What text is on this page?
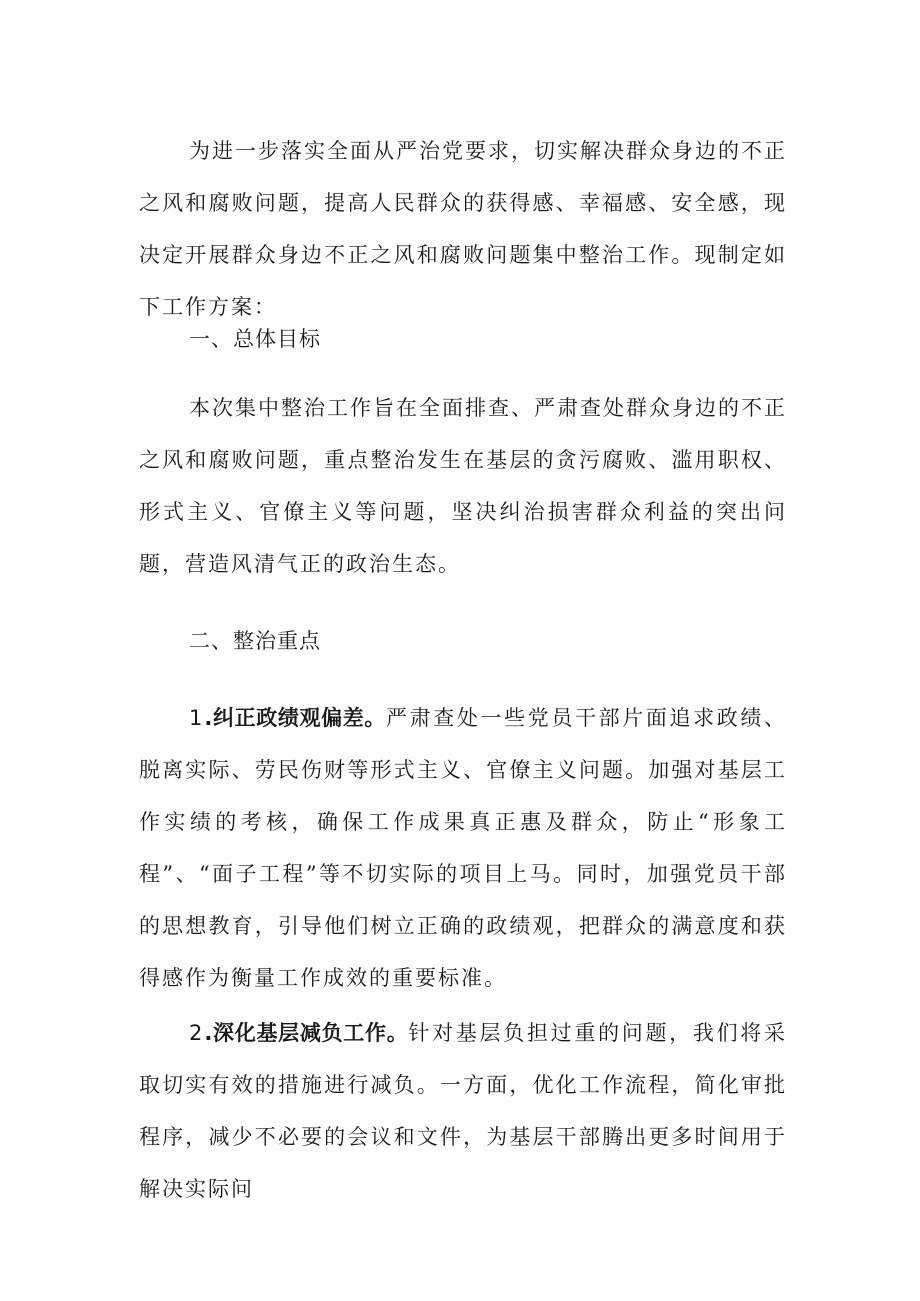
为进一步落实全面从严治党要求，切实解决群众身边的不正之风和腐败问题，提高人民群众的获得感、幸福感、安全感，现决定开展群众身边不正之风和腐败问题集中整治工作。现制定如下工作方案：

一、总体目标

本次集中整治工作旨在全面排查、严肃查处群众身边的不正之风和腐败问题，重点整治发生在基层的贪污腐败、滥用职权、形式主义、官僚主义等问题，坚决纠治损害群众利益的突出问题，营造风清气正的政治生态。

二、整治重点

1.纠正政绩观偏差。严肃查处一些党员干部片面追求政绩、脱离实际、劳民伤财等形式主义、官僚主义问题。加强对基层工作实绩的考核，确保工作成果真正惠及群众，防止“形象工程”、“面子工程”等不切实际的项目上马。同时，加强党员干部的思想教育，引导他们树立正确的政绩观，把群众的满意度和获得感作为衡量工作成效的重要标准。

2.深化基层减负工作。针对基层负担过重的问题，我们将采取切实有效的措施进行减负。一方面，优化工作流程，简化审批程序，减少不必要的会议和文件，为基层干部腾出更多时间用于解决实际问
